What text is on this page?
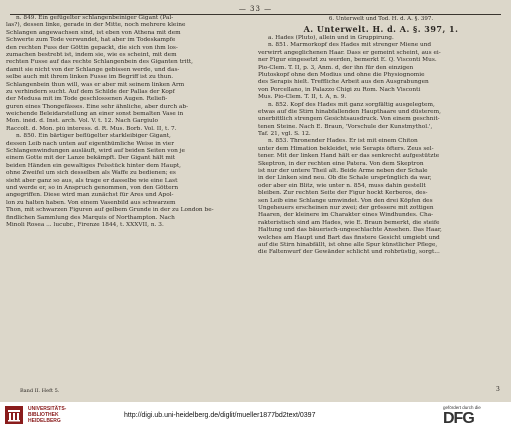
— 33 —
n. 849. Ein gefügelter schlangenbeiniger Gigant (Pal-
las?), dessen linke, gerade in der Mitte, noch mehrere kleine
Schlangen angewachsen sind, ist eben von Athena mit dem
Schwerte zum Tode verwundet, hat aber im Todeskampfe
den rechten Fuss der Göttin gepackt, die sich von ihm los-
zumachen bestrebt ist, indem sie, wie es scheint, mit dem
rechten Fusse auf das rechte Schlangenbein des Giganten tritt,
damit sie nicht von der Schlange gebissen werde, und das-
selbe auch mit ihrem linken Fusse im Begriff ist zu thun.
Schlangenbein thun will, was er aber mit seinem linken Arm
zu verhindern sucht. Auf dem Schilde der Pallas der Kopf
der Medusa mit im Tode geschlossenen Augen. Reliefi-
guren eines Thongefässes. Eine sehr ähnliche, aber durch ab-
weichende Beleidarstellung an einer sonst bemalten Vase in
Mon. inéd. d. Inst. arch. Vol. V. t. 12. Nach Gargiulo
Raccolt. d. Mon. più interess. d. R. Mus. Borb. Vol. II, t. 7.
n. 850. Ein bärtiger beflügelter starkleibiger Gigant,
dessen Leib nach unten auf eigenthümliche Weise in vier
Schlangenwindungen ausläuft, wird auf beiden Seiten von je
einem Gotte mit der Lanze bekämpft. Der Gigant hält mit
beiden Händen ein gewaltiges Felsstück hinter dem Haupt,
ohne Zweifel um sich desselben als Waffe zu bedienen; es
sieht aber ganz so aus, als trage er dasselbe wie eine Last
und werde er, so in Anspruch genommen, von den Göttern
angegriffen. Diese wird man zunächst für Ares und Apol-
lon zu halten haben. Von einem Vasenbild aus schwarzem
Thon, mit schwarzen Figuren auf gelbem Grunde in der zu London be-
findlichen Sammlung des Marquis of Northampton. Nach
Minoli Rosea ... lucubr., Firenze 1844, t. XXXVII, n. 3.
6. Unterwelt und Tod. H. d. A. §. 397.
A. Unterwelt. H. d. A. §. 397, 1.
a. Hades (Pluto), allein und in Gruppirung.
n. 851. Marmorkopf des Hades mit strenger Miene und
verwirrt angeglichenen Haar. Dass er gemeint scheint, aus ei-
ner Figur eingesetzt zu werden, bemerkt E. Q. Visconti Mus.
Pio-Clem. T. II, p. 3, Anm. d, der ihn für den einzigen
Plutoskopf ohne den Modius und ohne die Physiognomie
des Serapis hielt. Treffliche Arbeit aus den Ausgrabungen
von Porcellano, in Palazzo Chigi zu Rom. Nach Visconti
Mus. Pio-Clem. T. II, t. A, n. 9.
n. 852. Kopf des Hades mit ganz sorgfältig ausgelegtem,
etwas auf die Stirn hinabfallenden Haupthaare und düsterem,
unerbittlich strengem Gesichtsausdruck. Von einem geschnit-
tenen Steine. Nach E. Braun, 'Vorschule der Kunstmythol.',
Taf. 21, vgl. S. 12.
n. 853. Thronender Hades. Er ist mit einem Chiton
unter dem Himation bekleidet, wie Serapis öfters. Zeus sel-
tener. Mit der linken Hand hält er das senkrecht aufgestützte
Skeptron, in der rechten eine Patera. Von dem Skeptron
ist nur der untere Theil alt. Beide Arme neben der Schale
in der Linken sind neu. Ob die Schale ursprünglich da war,
oder aber ein Blitz, wie unter n. 854, muss dahin gestellt
bleiben. Zur rechten Seite der Figur hockt Kerberos, des-
sen Leib eine Schlange umwindet. Von den drei Köpfen des
Ungeheuers erscheinen nur zwei; der grössere mit zottigen
Haaren, der kleinere im Charakter eines Windhundes. Cha-
rakteristisch sind am Hades, wie E. Braun bemerkt, die steife
Haltung und das bäuerisch-ungeschlachte Ansehen. Das Haar,
welches am Haupt und Bart das finstere Gesicht umgiebt und
auf die Stirn hinabfällt, ist ohne alle Spur künstlicher Pflege,
die Faltenwurf der Gewänder schlicht und rohbrüstig, sorgt...
Band II. Heft 5.	3
UNIVERSITÄTS-
BIBLIOTHEK
HEIDELBERG
http://digi.ub.uni-heidelberg.de/diglit/mueller1877bd2text/0397
gefördert durch die
DFG
